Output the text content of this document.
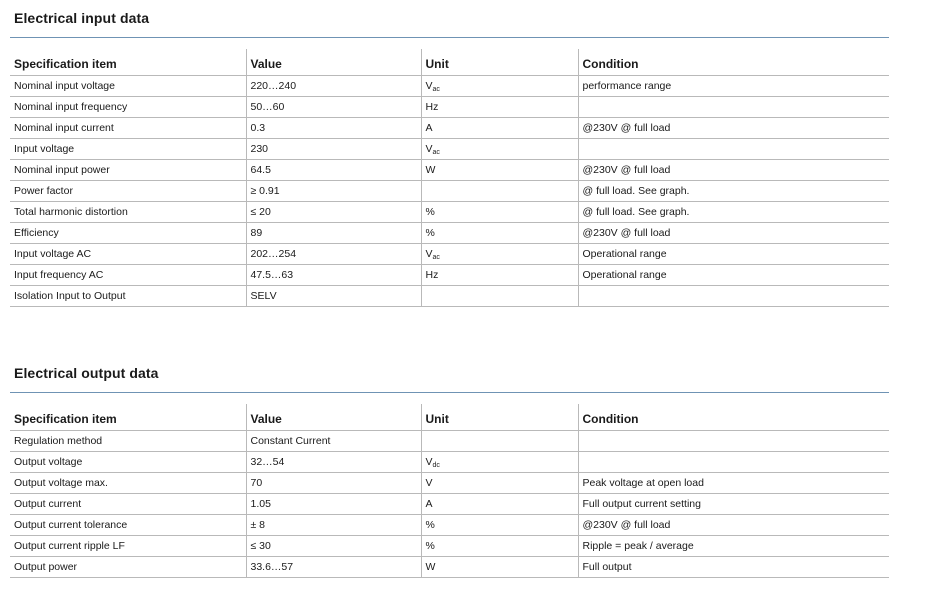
Electrical input data
Specification item	Value	Unit	Condition
Nominal input voltage	220…240	$V_{ac}$	performance range
Nominal input frequency	50…60	Hz	
Nominal input current	0.3	A	@230V @ full load
Input voltage	230	$V_{ac}$	
Nominal input power	64.5	W	@230V @ full load
Power factor	≥ 0.91		@ full load. See graph.
Total harmonic distortion	≤ 20	%	@ full load. See graph.
Efficiency	89	%	@230V @ full load
Input voltage AC	202…254	$V_{ac}$	Operational range
Input frequency AC	47.5…63	Hz	Operational range
Isolation Input to Output	SELV		
Electrical output data
Specification item	Value	Unit	Condition
Regulation method	Constant Current		
Output voltage	32…54	$V_{dc}$	
Output voltage max.	70	V	Peak voltage at open load
Output current	1.05	A	Full output current setting
Output current tolerance	± 8	%	@230V @ full load
Output current ripple LF	≤ 30	%	Ripple = peak / average
Output power	33.6…57	W	Full output
